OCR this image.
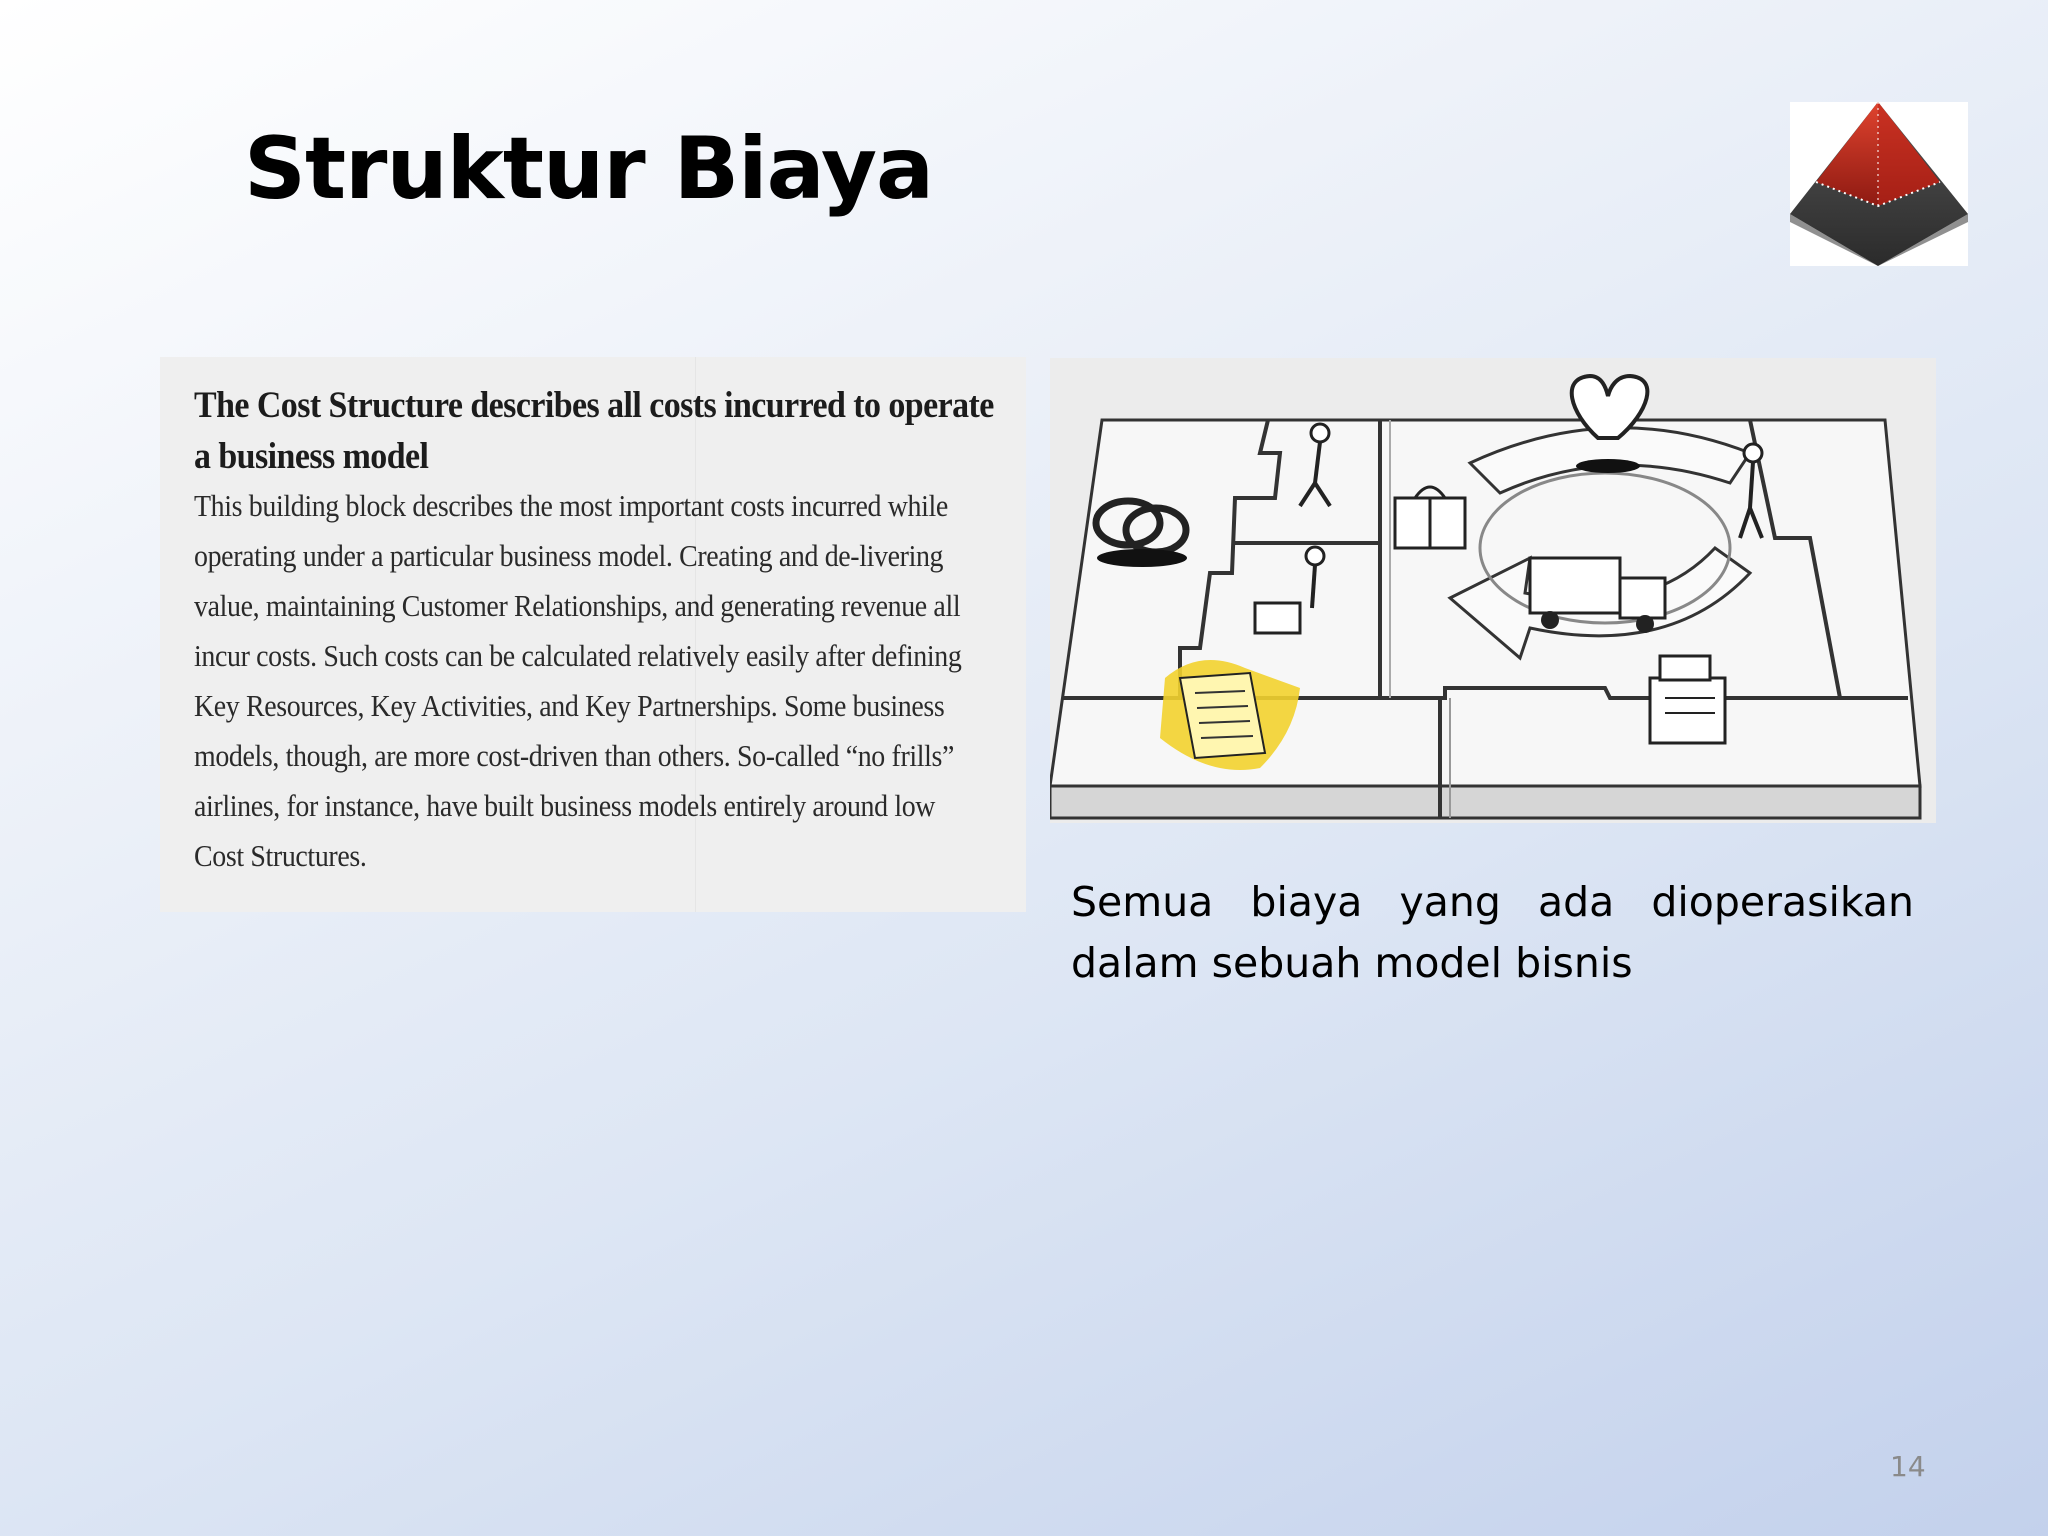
Struktur Biaya

The Cost Structure describes all costs incurred to operate a business model

This building block describes the most important costs incurred while operating under a particular business model. Creating and de-livering value, maintaining Customer Relationships, and generating revenue all incur costs. Such costs can be calculated relatively easily after defining Key Resources, Key Activities, and Key Partnerships. Some business models, though, are more cost-driven than others. So-called “no frills” airlines, for instance, have built business models entirely around low Cost Structures.

Semua biaya yang ada dioperasikan dalam sebuah model bisnis

14
